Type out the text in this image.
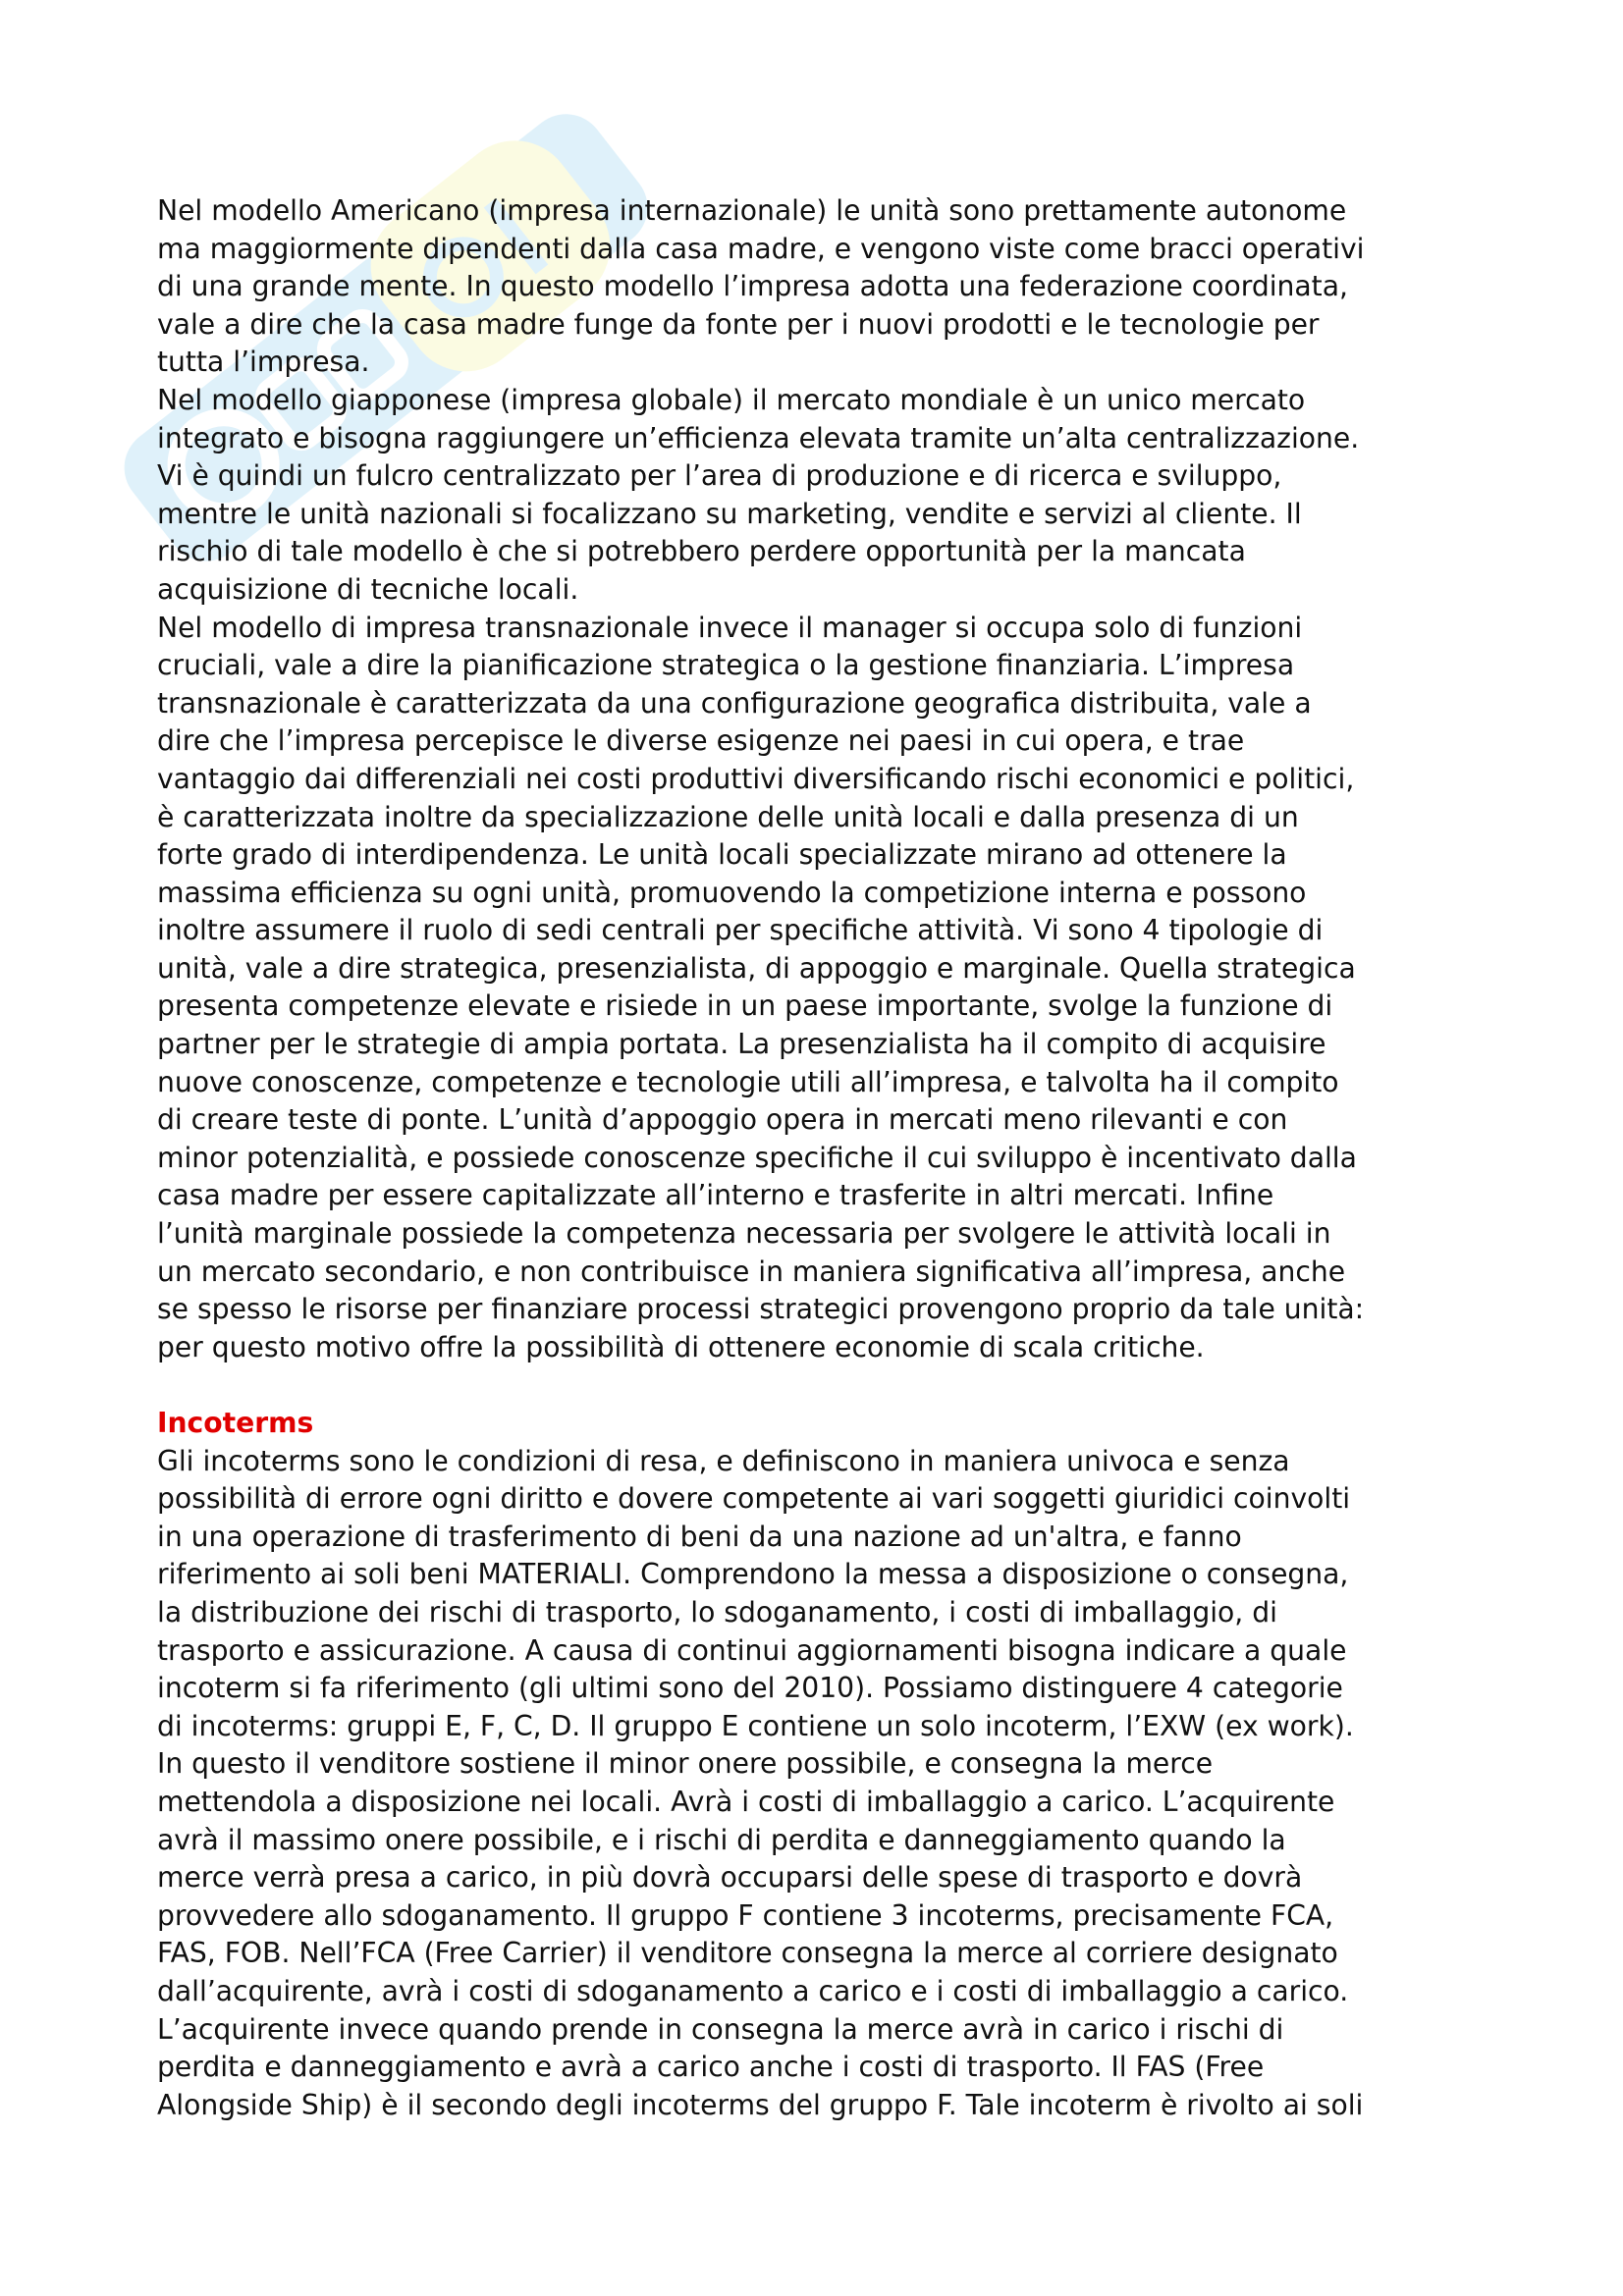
Nel modello Americano (impresa internazionale) le unità sono prettamente autonome
ma maggiormente dipendenti dalla casa madre, e vengono viste come bracci operativi
di una grande mente. In questo modello l’impresa adotta una federazione coordinata,
vale a dire che la casa madre funge da fonte per i nuovi prodotti e le tecnologie per
tutta l’impresa.

Nel modello giapponese (impresa globale) il mercato mondiale è un unico mercato
integrato e bisogna raggiungere un’efficienza elevata tramite un’alta centralizzazione.
Vi è quindi un fulcro centralizzato per l’area di produzione e di ricerca e sviluppo,
mentre le unità nazionali si focalizzano su marketing, vendite e servizi al cliente. Il
rischio di tale modello è che si potrebbero perdere opportunità per la mancata
acquisizione di tecniche locali.

Nel modello di impresa transnazionale invece il manager si occupa solo di funzioni
cruciali, vale a dire la pianificazione strategica o la gestione finanziaria. L’impresa
transnazionale è caratterizzata da una configurazione geografica distribuita, vale a
dire che l’impresa percepisce le diverse esigenze nei paesi in cui opera, e trae
vantaggio dai differenziali nei costi produttivi diversificando rischi economici e politici,
è caratterizzata inoltre da specializzazione delle unità locali e dalla presenza di un
forte grado di interdipendenza. Le unità locali specializzate mirano ad ottenere la
massima efficienza su ogni unità, promuovendo la competizione interna e possono
inoltre assumere il ruolo di sedi centrali per specifiche attività. Vi sono 4 tipologie di
unità, vale a dire strategica, presenzialista, di appoggio e marginale. Quella strategica
presenta competenze elevate e risiede in un paese importante, svolge la funzione di
partner per le strategie di ampia portata. La presenzialista ha il compito di acquisire
nuove conoscenze, competenze e tecnologie utili all’impresa, e talvolta ha il compito
di creare teste di ponte. L’unità d’appoggio opera in mercati meno rilevanti e con
minor potenzialità, e possiede conoscenze specifiche il cui sviluppo è incentivato dalla
casa madre per essere capitalizzate all’interno e trasferite in altri mercati. Infine
l’unità marginale possiede la competenza necessaria per svolgere le attività locali in
un mercato secondario, e non contribuisce in maniera significativa all’impresa, anche
se spesso le risorse per finanziare processi strategici provengono proprio da tale unità:
per questo motivo offre la possibilità di ottenere economie di scala critiche.

Incoterms

Gli incoterms sono le condizioni di resa, e definiscono in maniera univoca e senza
possibilità di errore ogni diritto e dovere competente ai vari soggetti giuridici coinvolti
in una operazione di trasferimento di beni da una nazione ad un'altra, e fanno
riferimento ai soli beni MATERIALI. Comprendono la messa a disposizione o consegna,
la distribuzione dei rischi di trasporto, lo sdoganamento, i costi di imballaggio, di
trasporto e assicurazione. A causa di continui aggiornamenti bisogna indicare a quale
incoterm si fa riferimento (gli ultimi sono del 2010). Possiamo distinguere 4 categorie
di incoterms: gruppi E, F, C, D. Il gruppo E contiene un solo incoterm, l’EXW (ex work).
In questo il venditore sostiene il minor onere possibile, e consegna la merce
mettendola a disposizione nei locali. Avrà i costi di imballaggio a carico. L’acquirente
avrà il massimo onere possibile, e i rischi di perdita e danneggiamento quando la
merce verrà presa a carico, in più dovrà occuparsi delle spese di trasporto e dovrà
provvedere allo sdoganamento. Il gruppo F contiene 3 incoterms, precisamente FCA,
FAS, FOB. Nell’FCA (Free Carrier) il venditore consegna la merce al corriere designato
dall’acquirente, avrà i costi di sdoganamento a carico e i costi di imballaggio a carico.
L’acquirente invece quando prende in consegna la merce avrà in carico i rischi di
perdita e danneggiamento e avrà a carico anche i costi di trasporto. Il FAS (Free
Alongside Ship) è il secondo degli incoterms del gruppo F. Tale incoterm è rivolto ai soli
